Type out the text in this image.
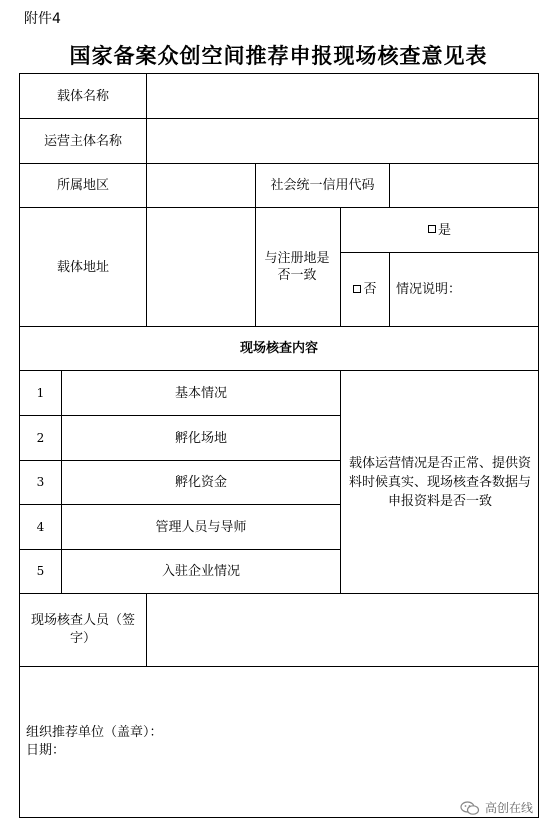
附件4
国家备案众创空间推荐申报现场核查意见表
载体名称
运营主体名称
所属地区	社会统一信用代码
载体地址
与注册地是否一致
是
否 情况说明：
现场核查内容
1	基本情况
2	孵化场地
3	孵化资金
4	管理人员与导师
5	入驻企业情况
载体运营情况是否正常、提供资料时候真实、现场核查各数据与申报资料是否一致
现场核查人员（签字）
组织推荐单位（盖章）：
日期：
高创在线
